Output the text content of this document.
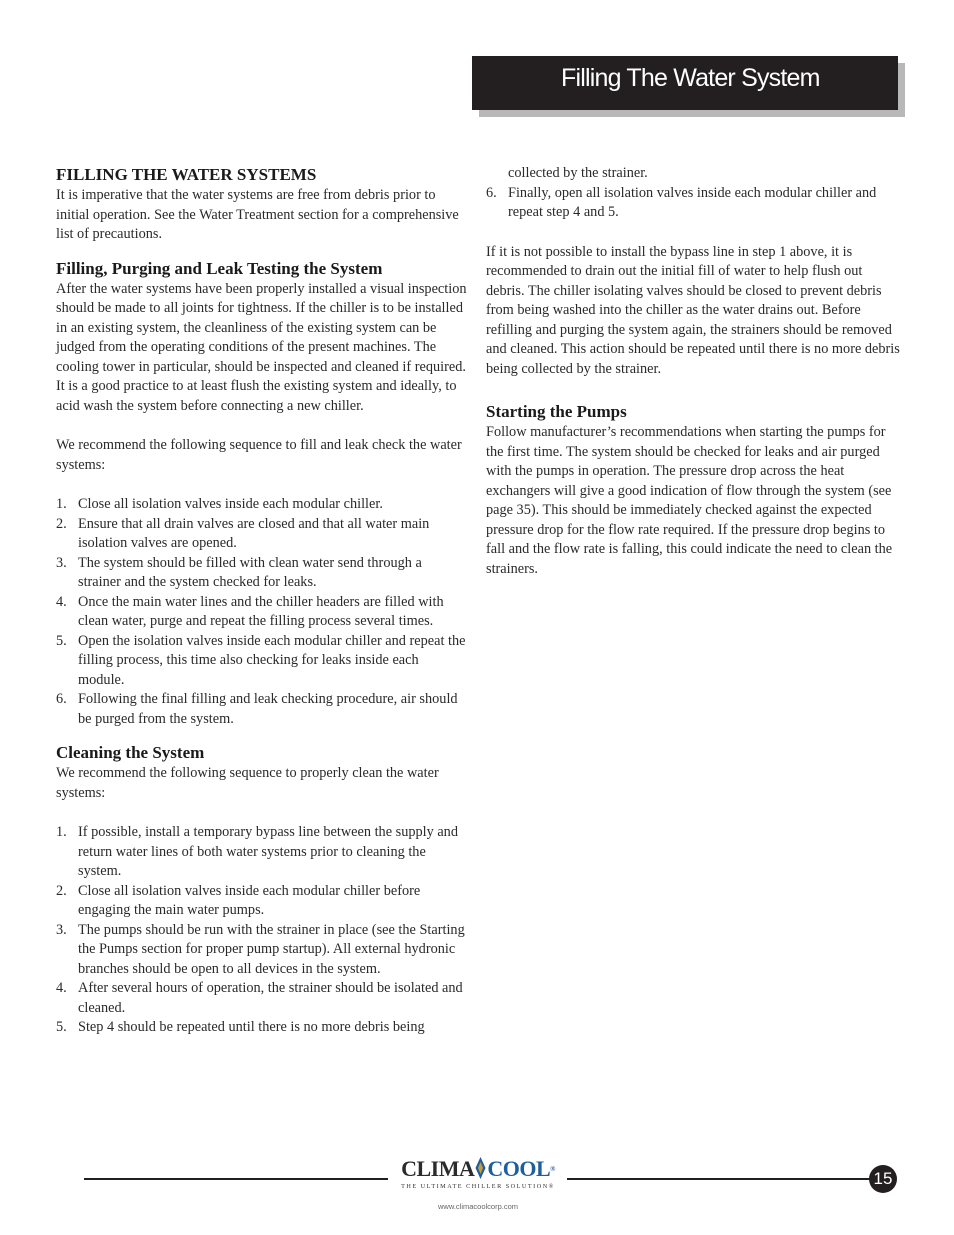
Filling The Water System
FILLING THE WATER SYSTEMS

It is imperative that the water systems are free from debris prior to initial operation. See the Water Treatment section for a comprehensive list of precautions.

Filling, Purging and Leak Testing the System

After the water systems have been properly installed a visual inspection should be made to all joints for tightness. If the chiller is to be installed in an existing system, the cleanliness of the existing system can be judged from the operating conditions of the present machines. The cooling tower in particular, should be inspected and cleaned if required. It is a good practice to at least flush the existing system and ideally, to acid wash the system before connecting a new chiller.

We recommend the following sequence to fill and leak check the water systems:

1. Close all isolation valves inside each modular chiller.
2. Ensure that all drain valves are closed and that all water main isolation valves are opened.
3. The system should be filled with clean water send through a strainer and the system checked for leaks.
4. Once the main water lines and the chiller headers are filled with clean water, purge and repeat the filling process several times.
5. Open the isolation valves inside each modular chiller and repeat the filling process, this time also checking for leaks inside each module.
6. Following the final filling and leak checking procedure, air should be purged from the system.
Cleaning the System

We recommend the following sequence to properly clean the water systems:

1. If possible, install a temporary bypass line between the supply and return water lines of both water systems prior to cleaning the system.
2. Close all isolation valves inside each modular chiller before engaging the main water pumps.
3. The pumps should be run with the strainer in place (see the Starting the Pumps section for proper pump startup). All external hydronic branches should be open to all devices in the system.
4. After several hours of operation, the strainer should be isolated and cleaned.
5. Step 4 should be repeated until there is no more debris being

collected by the strainer.

6. Finally, open all isolation valves inside each modular chiller and repeat step 4 and 5.

If it is not possible to install the bypass line in step 1 above, it is recommended to drain out the initial fill of water to help flush out debris. The chiller isolating valves should be closed to prevent debris from being washed into the chiller as the water drains out. Before refilling and purging the system again, the strainers should be removed and cleaned. This action should be repeated until there is no more debris being collected by the strainer.

Starting the Pumps

Follow manufacturer’s recommendations when starting the pumps for the first time. The system should be checked for leaks and air purged with the pumps in operation. The pressure drop across the heat exchangers will give a good indication of flow through the system (see page 35). This should be immediately checked against the expected pressure drop for the flow rate required. If the pressure drop begins to fall and the flow rate is falling, this could indicate the need to clean the strainers.

CLIMA COOL®
THE ULTIMATE CHILLER SOLUTION®
www.climacoolcorp.com
15
